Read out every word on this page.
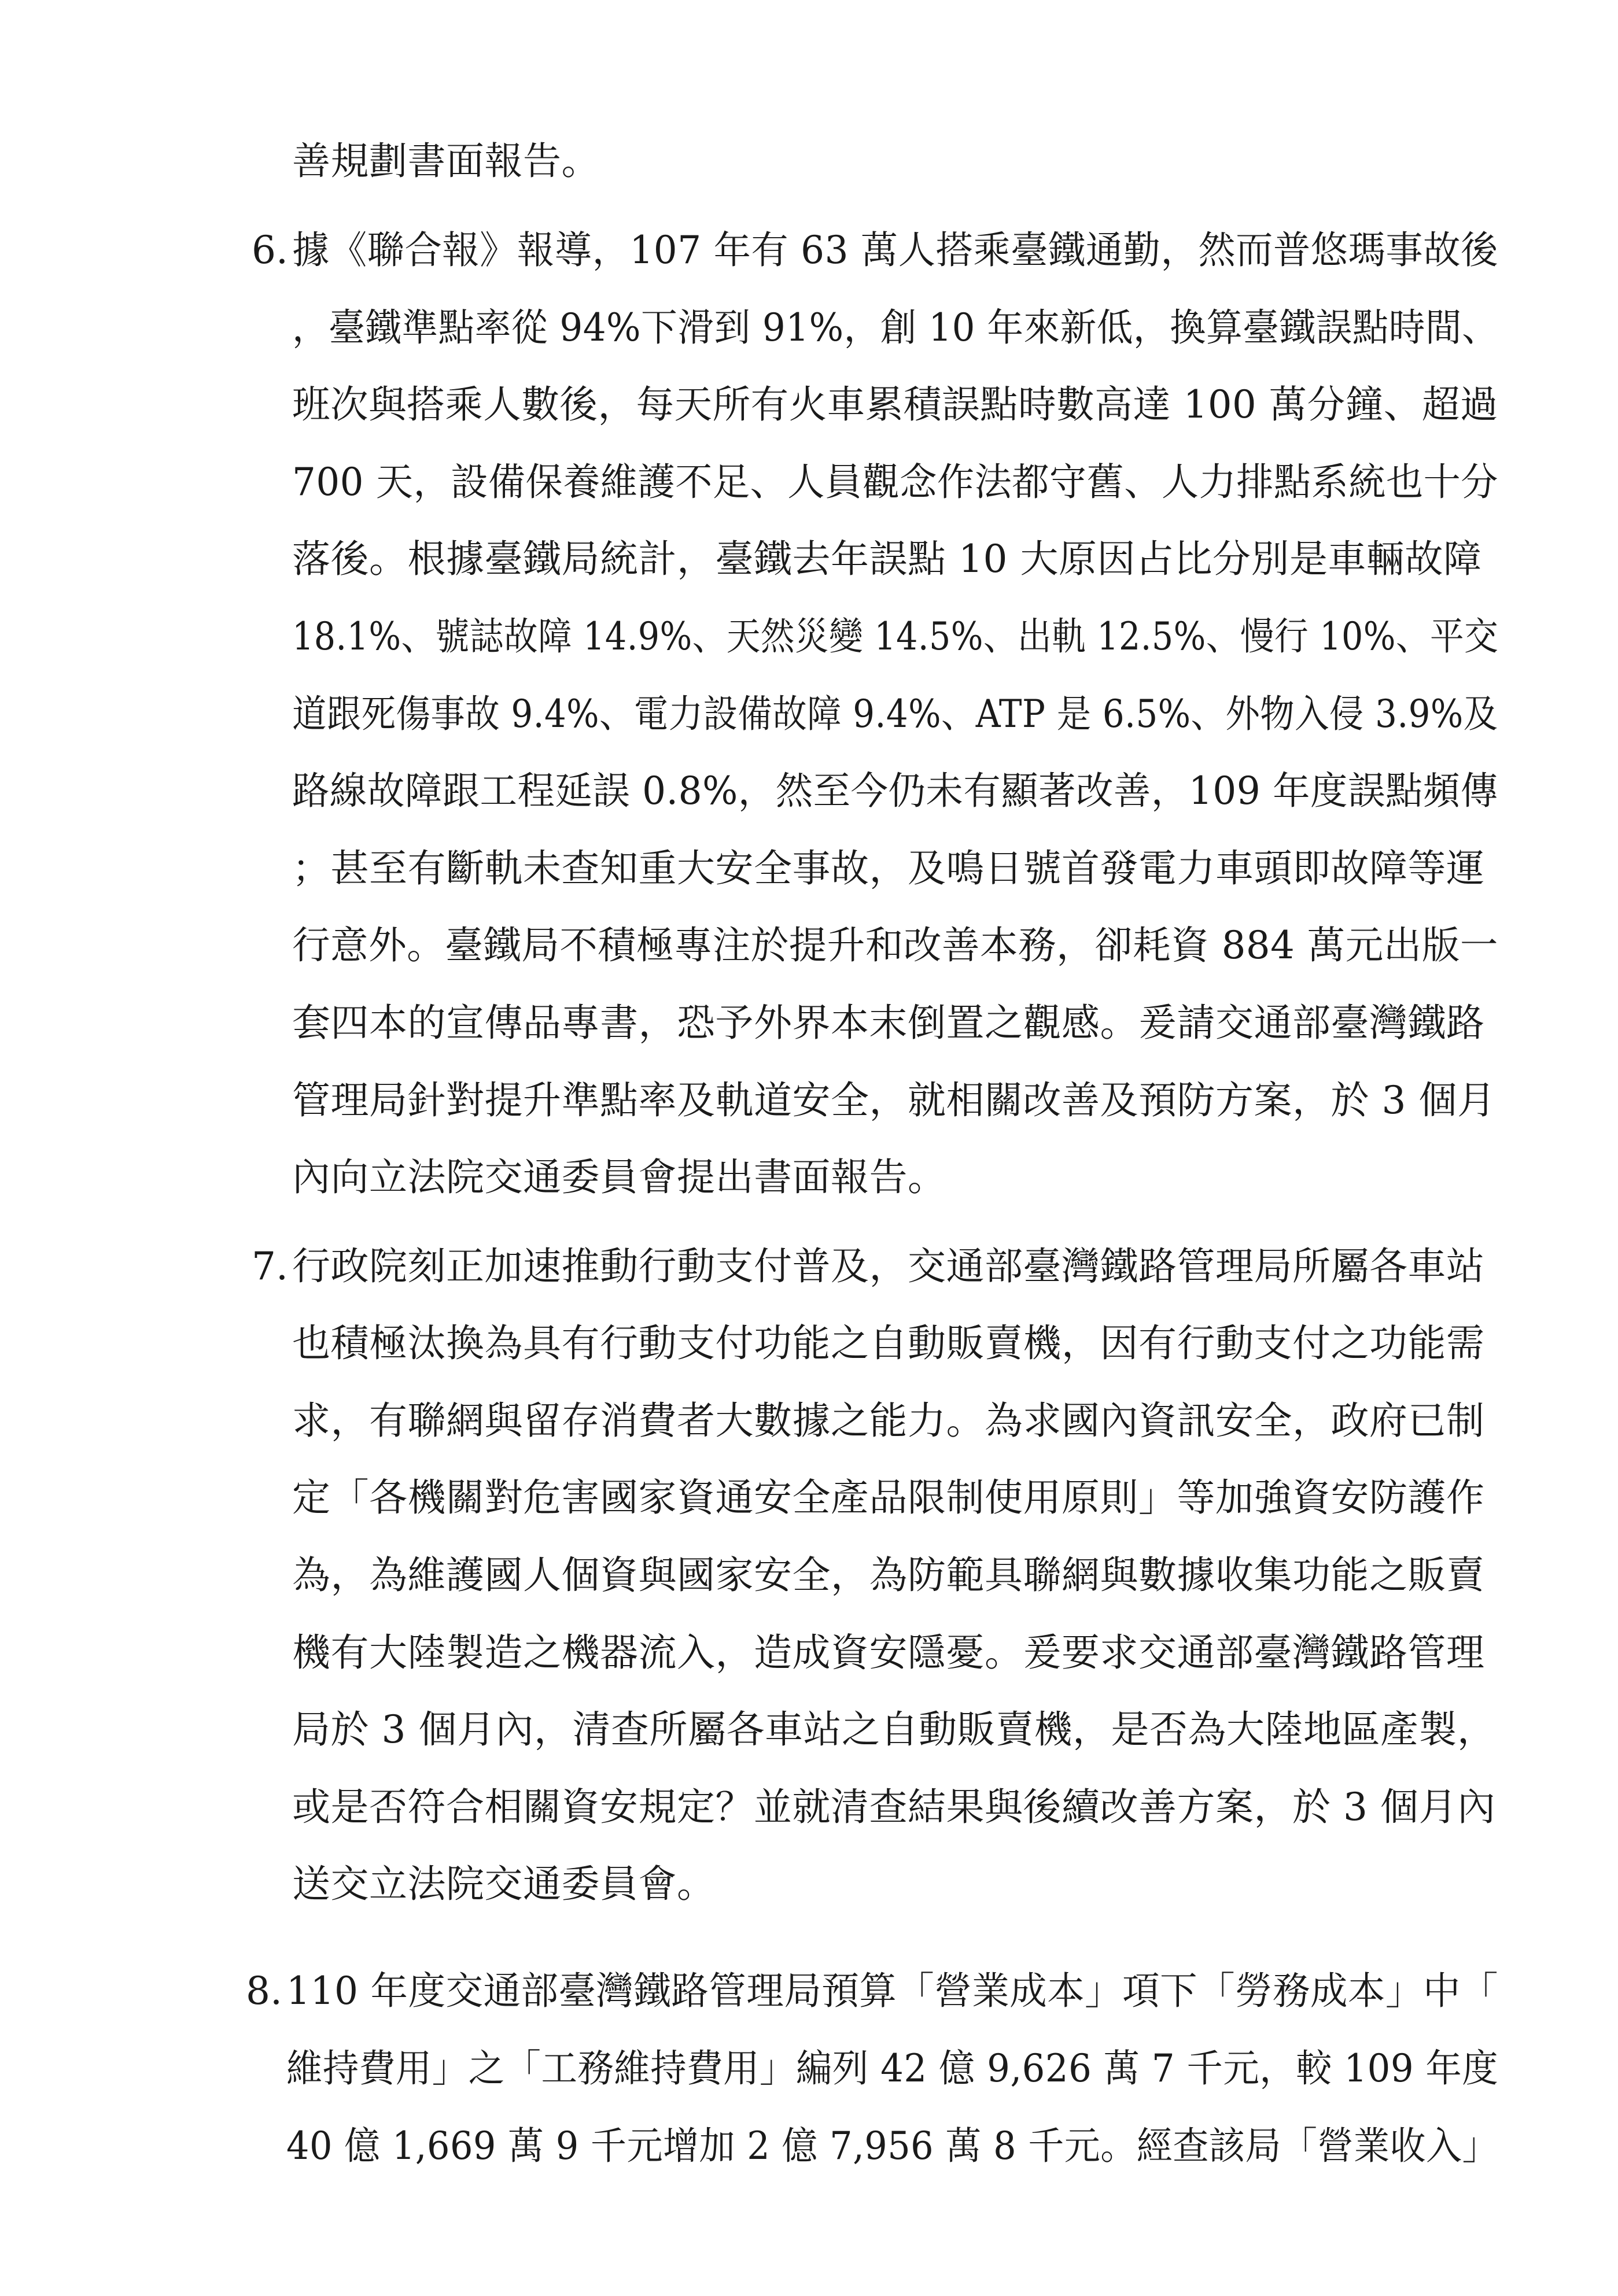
善規劃書面報告。
6. 據《聯合報》報導，107 年有 63 萬人搭乘臺鐵通勤，然而普悠瑪事故後
，臺鐵準點率從 94%下滑到 91%，創 10 年來新低，換算臺鐵誤點時間、
班次與搭乘人數後，每天所有火車累積誤點時數高達 100 萬分鐘、超過
700 天，設備保養維護不足、人員觀念作法都守舊、人力排點系統也十分
落後。根據臺鐵局統計，臺鐵去年誤點 10 大原因占比分別是車輛故障
18.1%、號誌故障 14.9%、天然災變 14.5%、出軌 12.5%、慢行 10%、平交
道跟死傷事故 9.4%、電力設備故障 9.4%、ATP 是 6.5%、外物入侵 3.9%及
路線故障跟工程延誤 0.8%，然至今仍未有顯著改善，109 年度誤點頻傳
；甚至有斷軌未查知重大安全事故，及鳴日號首發電力車頭即故障等運
行意外。臺鐵局不積極專注於提升和改善本務，卻耗資 884 萬元出版一
套四本的宣傳品專書，恐予外界本末倒置之觀感。爰請交通部臺灣鐵路
管理局針對提升準點率及軌道安全，就相關改善及預防方案，於 3 個月
內向立法院交通委員會提出書面報告。
7. 行政院刻正加速推動行動支付普及，交通部臺灣鐵路管理局所屬各車站
也積極汰換為具有行動支付功能之自動販賣機，因有行動支付之功能需
求，有聯網與留存消費者大數據之能力。為求國內資訊安全，政府已制
定「各機關對危害國家資通安全產品限制使用原則」等加強資安防護作
為，為維護國人個資與國家安全，為防範具聯網與數據收集功能之販賣
機有大陸製造之機器流入，造成資安隱憂。爰要求交通部臺灣鐵路管理
局於 3 個月內，清查所屬各車站之自動販賣機，是否為大陸地區產製，
或是否符合相關資安規定？並就清查結果與後續改善方案，於 3 個月內
送交立法院交通委員會。
8. 110 年度交通部臺灣鐵路管理局預算「營業成本」項下「勞務成本」中「
維持費用」之「工務維持費用」編列 42 億 9,626 萬 7 千元，較 109 年度
40 億 1,669 萬 9 千元增加 2 億 7,956 萬 8 千元。經查該局「營業收入」
